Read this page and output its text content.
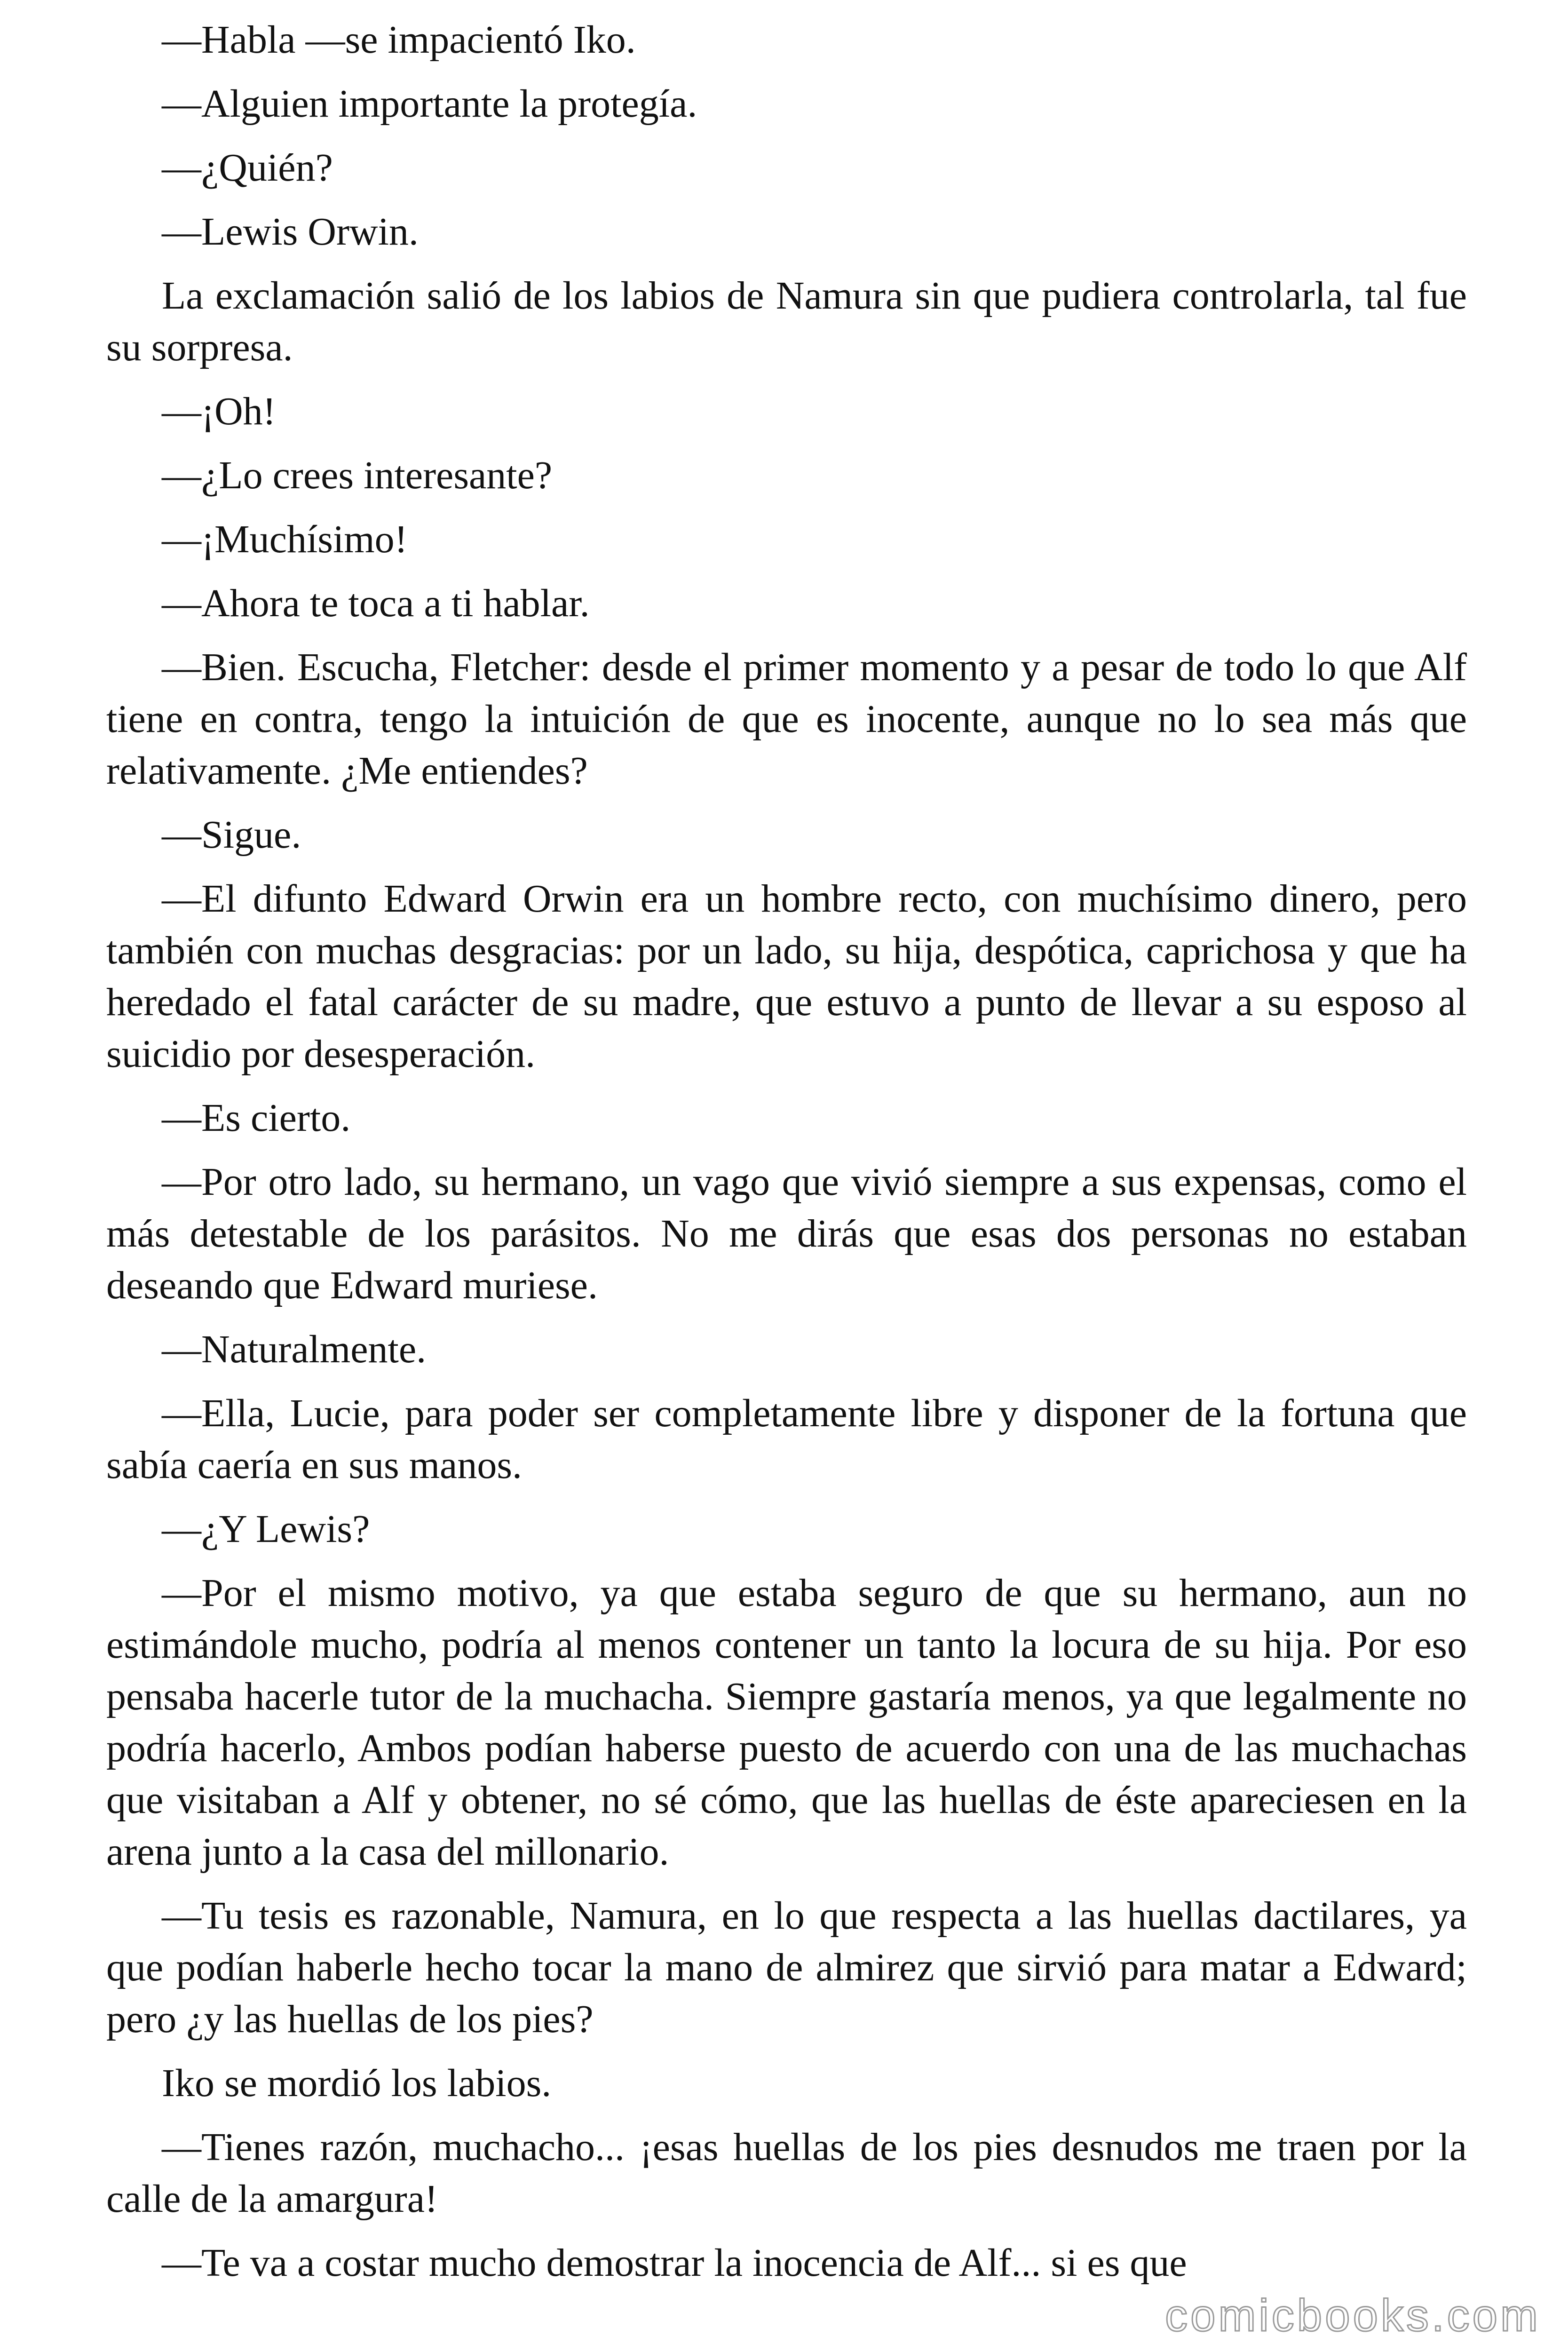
—Habla —se impacientó Iko.

—Alguien importante la protegía.

—¿Quién?

—Lewis Orwin.

La exclamación salió de los labios de Namura sin que pudiera controlarla, tal fue su sorpresa.

—¡Oh!

—¿Lo crees interesante?

—¡Muchísimo!

—Ahora te toca a ti hablar.

—Bien. Escucha, Fletcher: desde el primer momento y a pesar de todo lo que Alf tiene en contra, tengo la intuición de que es inocente, aunque no lo sea más que relativamente. ¿Me entiendes?

—Sigue.

—El difunto Edward Orwin era un hombre recto, con muchísimo dinero, pero también con muchas desgracias: por un lado, su hija, despótica, caprichosa y que ha heredado el fatal carácter de su madre, que estuvo a punto de llevar a su esposo al suicidio por desesperación.

—Es cierto.

—Por otro lado, su hermano, un vago que vivió siempre a sus expensas, como el más detestable de los parásitos. No me dirás que esas dos personas no estaban deseando que Edward muriese.

—Naturalmente.

—Ella, Lucie, para poder ser completamente libre y disponer de la fortuna que sabía caería en sus manos.

—¿Y Lewis?

—Por el mismo motivo, ya que estaba seguro de que su hermano, aun no estimándole mucho, podría al menos contener un tanto la locura de su hija. Por eso pensaba hacerle tutor de la muchacha. Siempre gastaría menos, ya que legalmente no podría hacerlo, Ambos podían haberse puesto de acuerdo con una de las muchachas que visitaban a Alf y obtener, no sé cómo, que las huellas de éste apareciesen en la arena junto a la casa del millonario.

—Tu tesis es razonable, Namura, en lo que respecta a las huellas dactilares, ya que podían haberle hecho tocar la mano de almirez que sirvió para matar a Edward; pero ¿y las huellas de los pies?

Iko se mordió los labios.

—Tienes razón, muchacho... ¡esas huellas de los pies desnudos me traen por la calle de la amargura!

—Te va a costar mucho demostrar la inocencia de Alf... si es que

comicbooks.com
